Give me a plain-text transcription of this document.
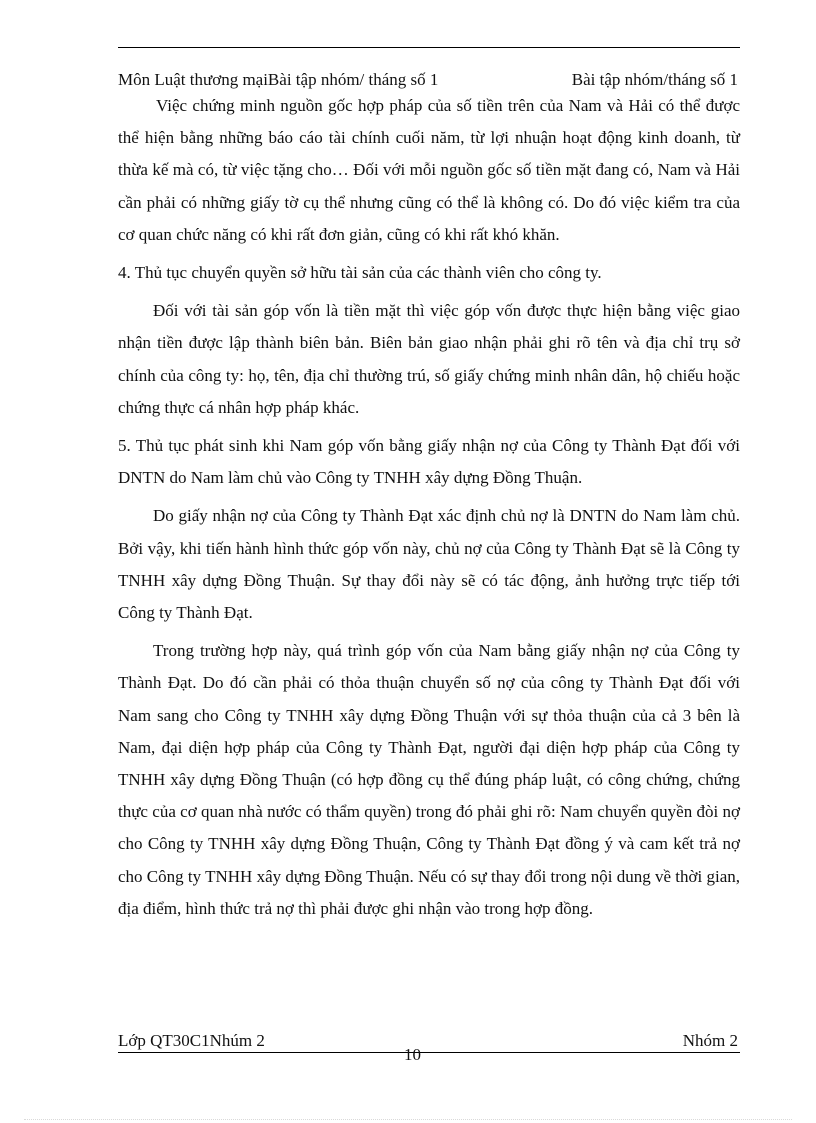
Môn Luật thương mạiBài tập nhóm/ tháng số 1	Bài tập nhóm/tháng số 1

Việc chứng minh nguồn gốc hợp pháp của số tiền trên của Nam và Hải có thể được thể hiện bằng những báo cáo tài chính cuối năm, từ lợi nhuận hoạt động kinh doanh, từ thừa kế mà có, từ việc tặng cho… Đối với mỗi nguồn gốc số tiền mặt đang có, Nam và Hải cần phải có những giấy tờ cụ thể nhưng cũng có thể là không có. Do đó việc kiểm tra của cơ quan chức năng có khi rất đơn giản, cũng có khi rất khó khăn.

4. Thủ tục chuyển quyền sở hữu tài sản của các thành viên cho công ty.

Đối với tài sản góp vốn là tiền mặt thì việc góp vốn được thực hiện bằng việc giao nhận tiền được lập thành biên bản. Biên bản giao nhận phải ghi rõ tên và địa chỉ trụ sở chính của công ty: họ, tên, địa chỉ thường trú, số giấy chứng minh nhân dân, hộ chiếu hoặc chứng thực cá nhân hợp pháp khác.

5. Thủ tục phát sinh khi Nam góp vốn bằng giấy nhận nợ của Công ty Thành Đạt đối với DNTN do Nam làm chủ vào Công ty TNHH xây dựng Đồng Thuận.

Do giấy nhận nợ của Công ty Thành Đạt xác định chủ nợ là DNTN do Nam làm chủ. Bởi vậy, khi tiến hành hình thức góp vốn này, chủ nợ của Công ty Thành Đạt sẽ là Công ty TNHH xây dựng Đồng Thuận. Sự thay đổi này sẽ có tác động, ảnh hưởng trực tiếp tới Công ty Thành Đạt.

Trong trường hợp này, quá trình góp vốn của Nam bằng giấy nhận nợ của Công ty Thành Đạt. Do đó cần phải có thỏa thuận chuyển số nợ của công ty Thành Đạt đối với Nam sang cho Công ty TNHH xây dựng Đồng Thuận với sự thỏa thuận của cả 3 bên là Nam, đại diện hợp pháp của Công ty Thành Đạt, người đại diện hợp pháp của Công ty TNHH xây dựng Đồng Thuận (có hợp đồng cụ thể đúng pháp luật, có công chứng, chứng thực của cơ quan nhà nước có thẩm quyền) trong đó phải ghi rõ: Nam chuyển quyền đòi nợ cho Công ty TNHH xây dựng Đồng Thuận, Công ty Thành Đạt đồng ý và cam kết trả nợ cho Công ty TNHH xây dựng Đồng Thuận. Nếu có sự thay đổi trong nội dung về thời gian, địa điểm, hình thức trả nợ thì phải được ghi nhận vào trong hợp đồng.

Lớp QT30C1Nhúm 2	Nhóm 2
10
